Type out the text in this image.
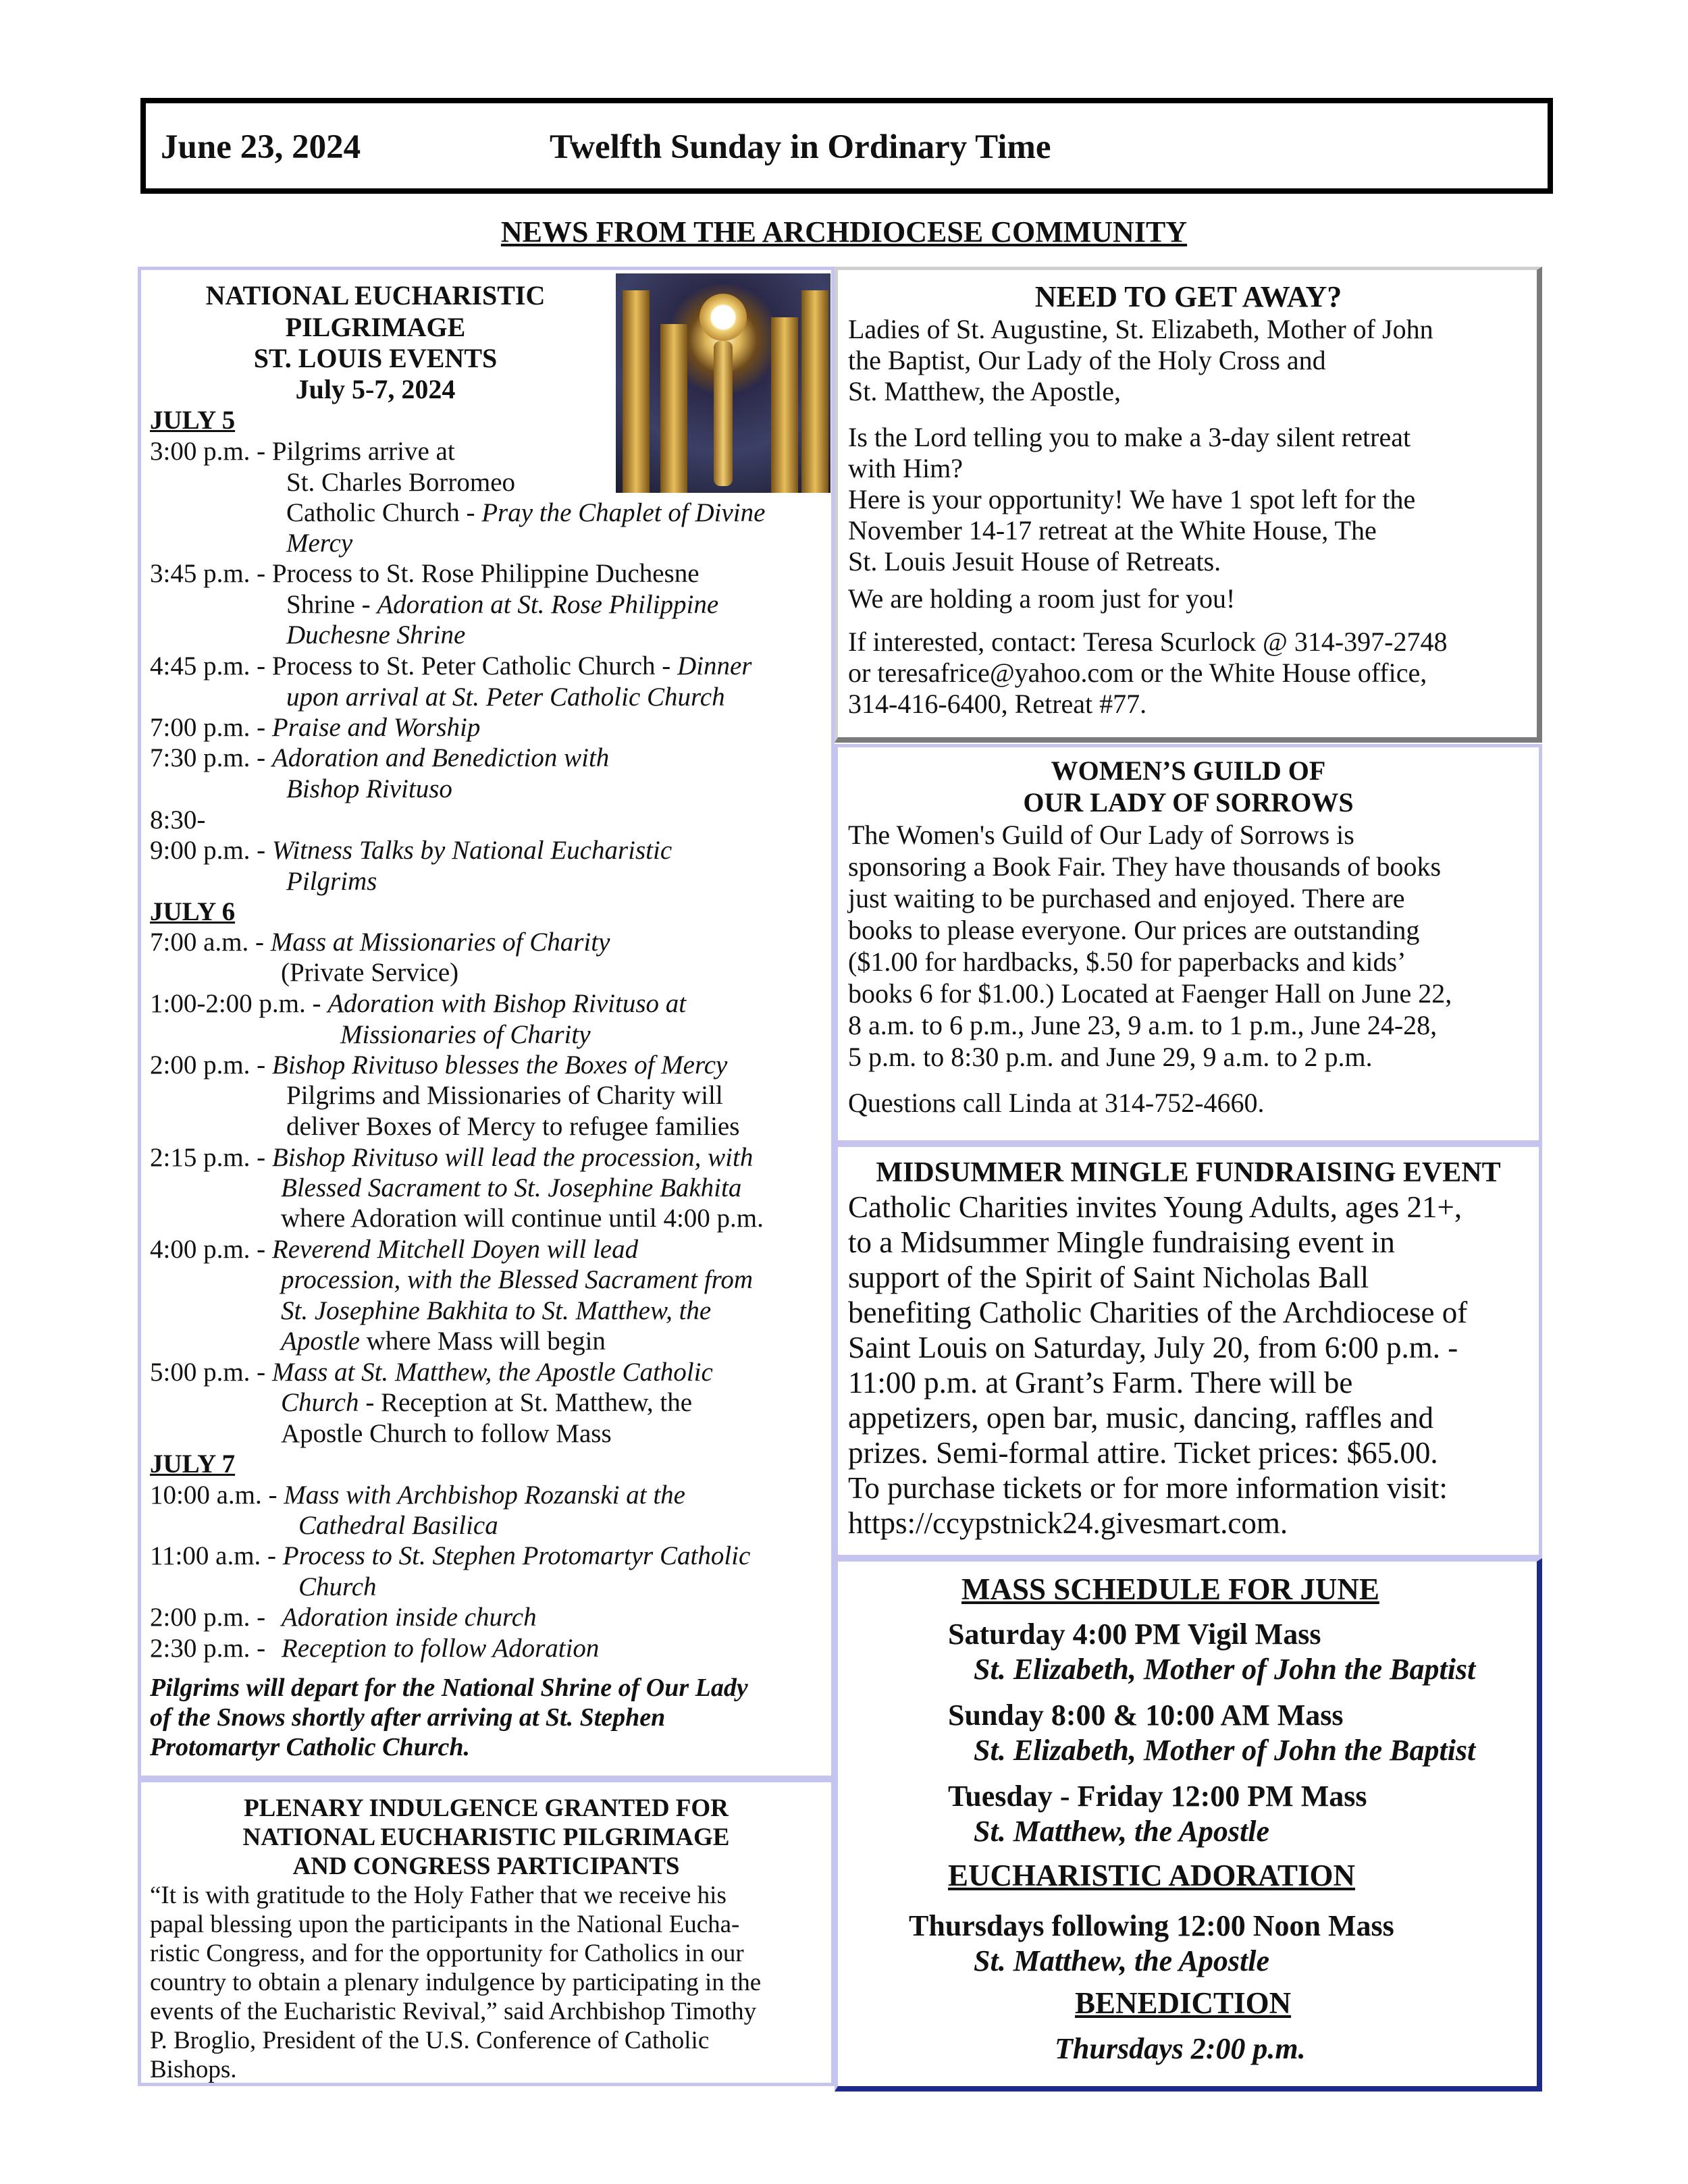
June 23, 2024	Twelfth Sunday in Ordinary Time
NEWS FROM THE ARCHDIOCESE COMMUNITY
NATIONAL EUCHARISTIC
PILGRIMAGE
ST. LOUIS EVENTS
July 5-7, 2024
JULY 5
3:00 p.m. - Pilgrims arrive at
St. Charles Borromeo
Catholic Church - Pray the Chaplet of Divine
Mercy
3:45 p.m. - Process to St. Rose Philippine Duchesne
Shrine - Adoration at St. Rose Philippine
Duchesne Shrine
4:45 p.m. - Process to St. Peter Catholic Church - Dinner
upon arrival at St. Peter Catholic Church
7:00 p.m. - Praise and Worship
7:30 p.m. - Adoration and Benediction with
Bishop Rivituso
8:30-
9:00 p.m. - Witness Talks by National Eucharistic
Pilgrims
JULY 6
7:00 a.m. - Mass at Missionaries of Charity
(Private Service)
1:00-2:00 p.m. - Adoration with Bishop Rivituso at
Missionaries of Charity
2:00 p.m. - Bishop Rivituso blesses the Boxes of Mercy
Pilgrims and Missionaries of Charity will
deliver Boxes of Mercy to refugee families
2:15 p.m. - Bishop Rivituso will lead the procession, with
Blessed Sacrament to St. Josephine Bakhita
where Adoration will continue until 4:00 p.m.
4:00 p.m. - Reverend Mitchell Doyen will lead
procession, with the Blessed Sacrament from
St. Josephine Bakhita to St. Matthew, the
Apostle where Mass will begin
5:00 p.m. - Mass at St. Matthew, the Apostle Catholic
Church - Reception at St. Matthew, the
Apostle Church to follow Mass
JULY 7
10:00 a.m. - Mass with Archbishop Rozanski at the
Cathedral Basilica
11:00 a.m. - Process to St. Stephen Protomartyr Catholic
Church
2:00 p.m. - Adoration inside church
2:30 p.m. - Reception to follow Adoration
Pilgrims will depart for the National Shrine of Our Lady
of the Snows shortly after arriving at St. Stephen
Protomartyr Catholic Church.
PLENARY INDULGENCE GRANTED FOR
NATIONAL EUCHARISTIC PILGRIMAGE
AND CONGRESS PARTICIPANTS
“It is with gratitude to the Holy Father that we receive his
papal blessing upon the participants in the National Eucha-
ristic Congress, and for the opportunity for Catholics in our
country to obtain a plenary indulgence by participating in the
events of the Eucharistic Revival,” said Archbishop Timothy
P. Broglio, President of the U.S. Conference of Catholic
Bishops.
NEED TO GET AWAY?
Ladies of St. Augustine, St. Elizabeth, Mother of John
the Baptist, Our Lady of the Holy Cross and
St. Matthew, the Apostle,
Is the Lord telling you to make a 3-day silent retreat
with Him?
Here is your opportunity! We have 1 spot left for the
November 14-17 retreat at the White House, The
St. Louis Jesuit House of Retreats.
We are holding a room just for you!
If interested, contact: Teresa Scurlock @ 314-397-2748
or teresafrice@yahoo.com or the White House office,
314-416-6400, Retreat #77.
WOMEN’S GUILD OF
OUR LADY OF SORROWS
The Women's Guild of Our Lady of Sorrows is
sponsoring a Book Fair. They have thousands of books
just waiting to be purchased and enjoyed. There are
books to please everyone. Our prices are outstanding
($1.00 for hardbacks, $.50 for paperbacks and kids’
books 6 for $1.00.) Located at Faenger Hall on June 22,
8 a.m. to 6 p.m., June 23, 9 a.m. to 1 p.m., June 24-28,
5 p.m. to 8:30 p.m. and June 29, 9 a.m. to 2 p.m.
Questions call Linda at 314-752-4660.
MIDSUMMER MINGLE FUNDRAISING EVENT
Catholic Charities invites Young Adults, ages 21+,
to a Midsummer Mingle fundraising event in
support of the Spirit of Saint Nicholas Ball
benefiting Catholic Charities of the Archdiocese of
Saint Louis on Saturday, July 20, from 6:00 p.m. -
11:00 p.m. at Grant’s Farm. There will be
appetizers, open bar, music, dancing, raffles and
prizes. Semi-formal attire. Ticket prices: $65.00.
To purchase tickets or for more information visit:
https://ccypstnick24.givesmart.com.
MASS SCHEDULE FOR JUNE
Saturday 4:00 PM Vigil Mass
St. Elizabeth, Mother of John the Baptist
Sunday 8:00 & 10:00 AM Mass
St. Elizabeth, Mother of John the Baptist
Tuesday - Friday 12:00 PM Mass
St. Matthew, the Apostle
EUCHARISTIC ADORATION
Thursdays following 12:00 Noon Mass
St. Matthew, the Apostle
BENEDICTION
Thursdays 2:00 p.m.
